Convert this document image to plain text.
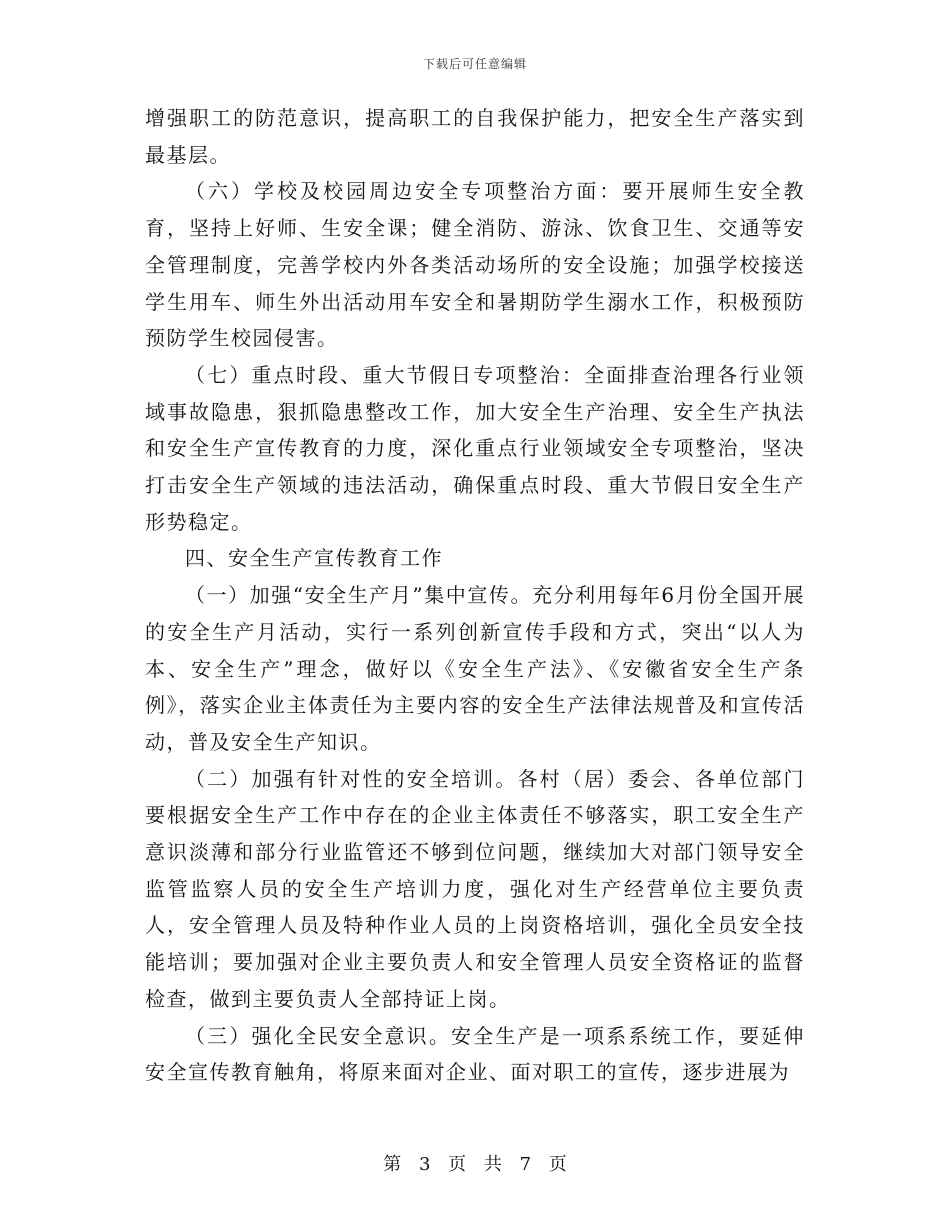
下载后可任意编辑

增强职工的防范意识，提高职工的自我保护能力，把安全生产落实到最基层。

（六）学校及校园周边安全专项整治方面：要开展师生安全教育，坚持上好师、生安全课；健全消防、游泳、饮食卫生、交通等安全管理制度，完善学校内外各类活动场所的安全设施；加强学校接送学生用车、师生外出活动用车安全和暑期防学生溺水工作，积极预防预防学生校园侵害。

（七）重点时段、重大节假日专项整治：全面排查治理各行业领域事故隐患，狠抓隐患整改工作，加大安全生产治理、安全生产执法和安全生产宣传教育的力度，深化重点行业领域安全专项整治，坚决打击安全生产领域的违法活动，确保重点时段、重大节假日安全生产形势稳定。

四、安全生产宣传教育工作

（一）加强“安全生产月”集中宣传。充分利用每年6月份全国开展的安全生产月活动，实行一系列创新宣传手段和方式，突出“以人为本、安全生产”理念，做好以《安全生产法》、《安徽省安全生产条例》，落实企业主体责任为主要内容的安全生产法律法规普及和宣传活动，普及安全生产知识。

（二）加强有针对性的安全培训。各村（居）委会、各单位部门要根据安全生产工作中存在的企业主体责任不够落实，职工安全生产意识淡薄和部分行业监管还不够到位问题，继续加大对部门领导安全监管监察人员的安全生产培训力度，强化对生产经营单位主要负责人，安全管理人员及特种作业人员的上岗资格培训，强化全员安全技能培训；要加强对企业主要负责人和安全管理人员安全资格证的监督检查，做到主要负责人全部持证上岗。

（三）强化全民安全意识。安全生产是一项系系统工作，要延伸安全宣传教育触角，将原来面对企业、面对职工的宣传，逐步进展为

第 3 页 共 7 页
